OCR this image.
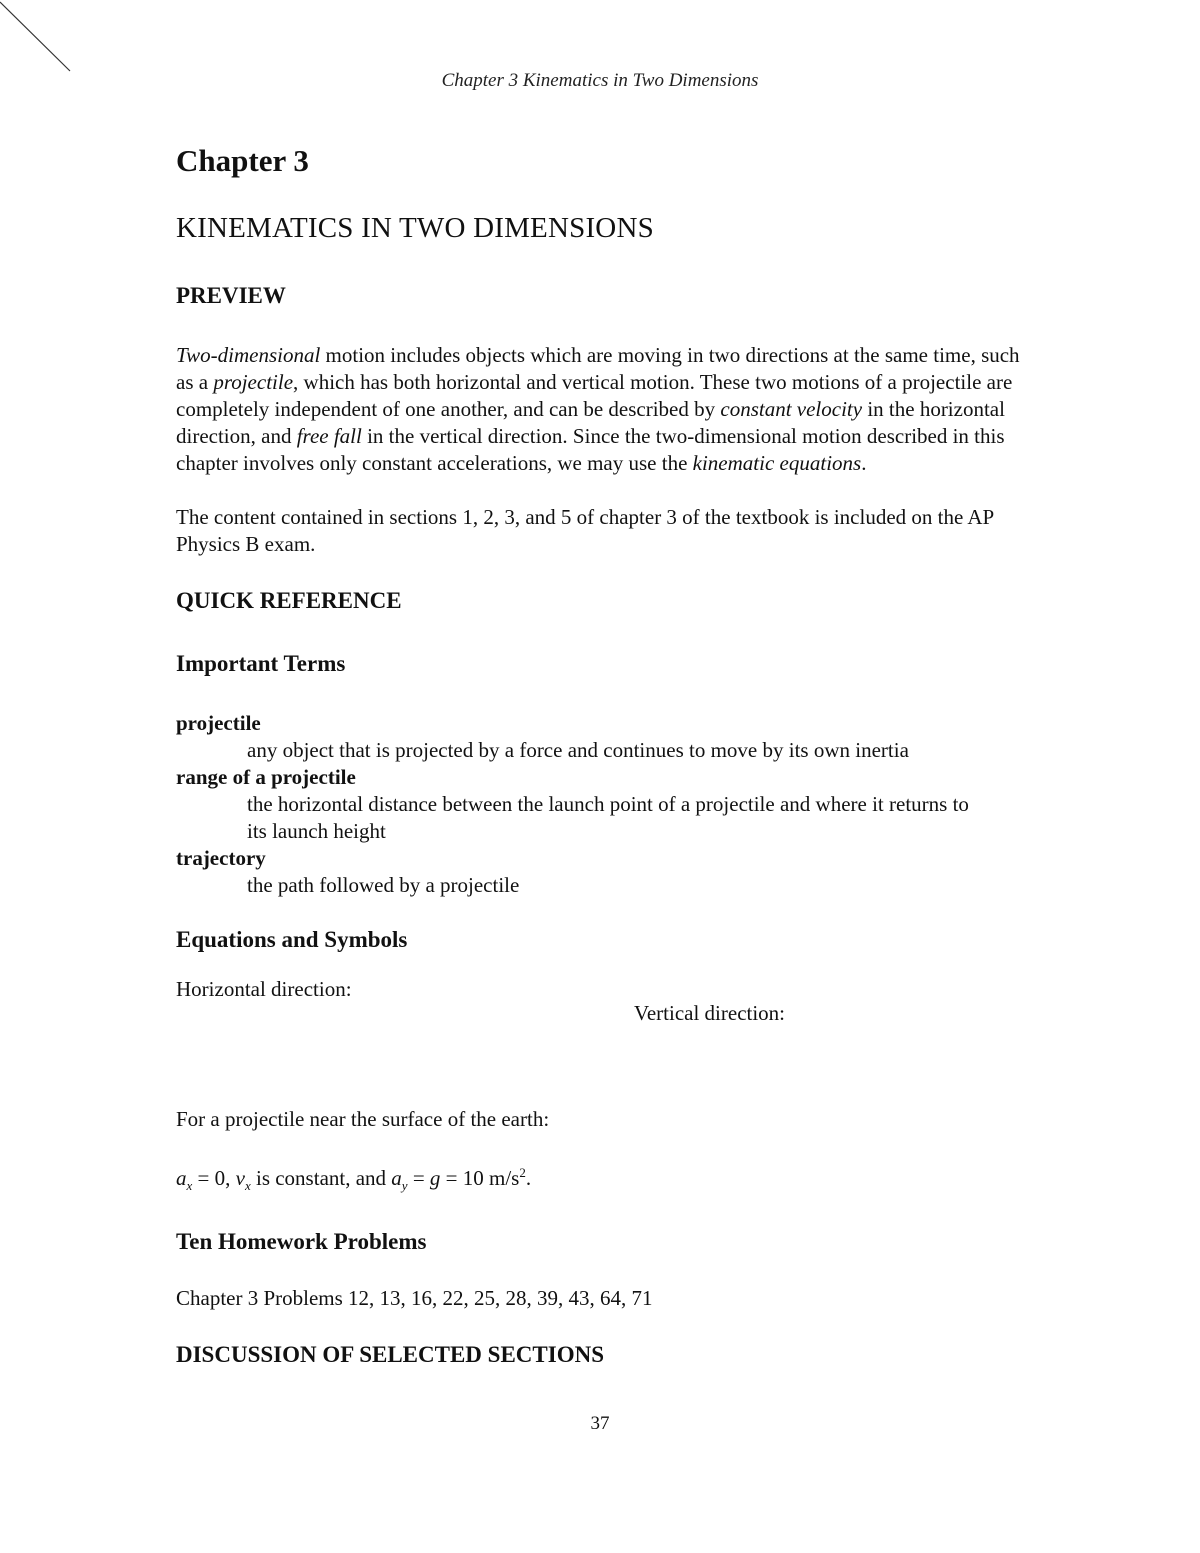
Chapter 3 Kinematics in Two Dimensions
Chapter 3
KINEMATICS IN TWO DIMENSIONS
PREVIEW

Two-dimensional motion includes objects which are moving in two directions at the same time, such as a projectile, which has both horizontal and vertical motion. These two motions of a projectile are completely independent of one another, and can be described by constant velocity in the horizontal direction, and free fall in the vertical direction. Since the two-dimensional motion described in this chapter involves only constant accelerations, we may use the kinematic equations.

The content contained in sections 1, 2, 3, and 5 of chapter 3 of the textbook is included on the AP Physics B exam.

QUICK REFERENCE
Important Terms

projectile

any object that is projected by a force and continues to move by its own inertia

range of a projectile

the horizontal distance between the launch point of a projectile and where it returns to its launch height

trajectory

the path followed by a projectile

Equations and Symbols
Horizontal direction:
Vertical direction:

For a projectile near the surface of the earth:

$a_x = 0$, $v_x$ is constant, and $a_y = g = 10$ $m/s^2$.

Ten Homework Problems

Chapter 3 Problems 12, 13, 16, 22, 25, 28, 39, 43, 64, 71

DISCUSSION OF SELECTED SECTIONS
37
